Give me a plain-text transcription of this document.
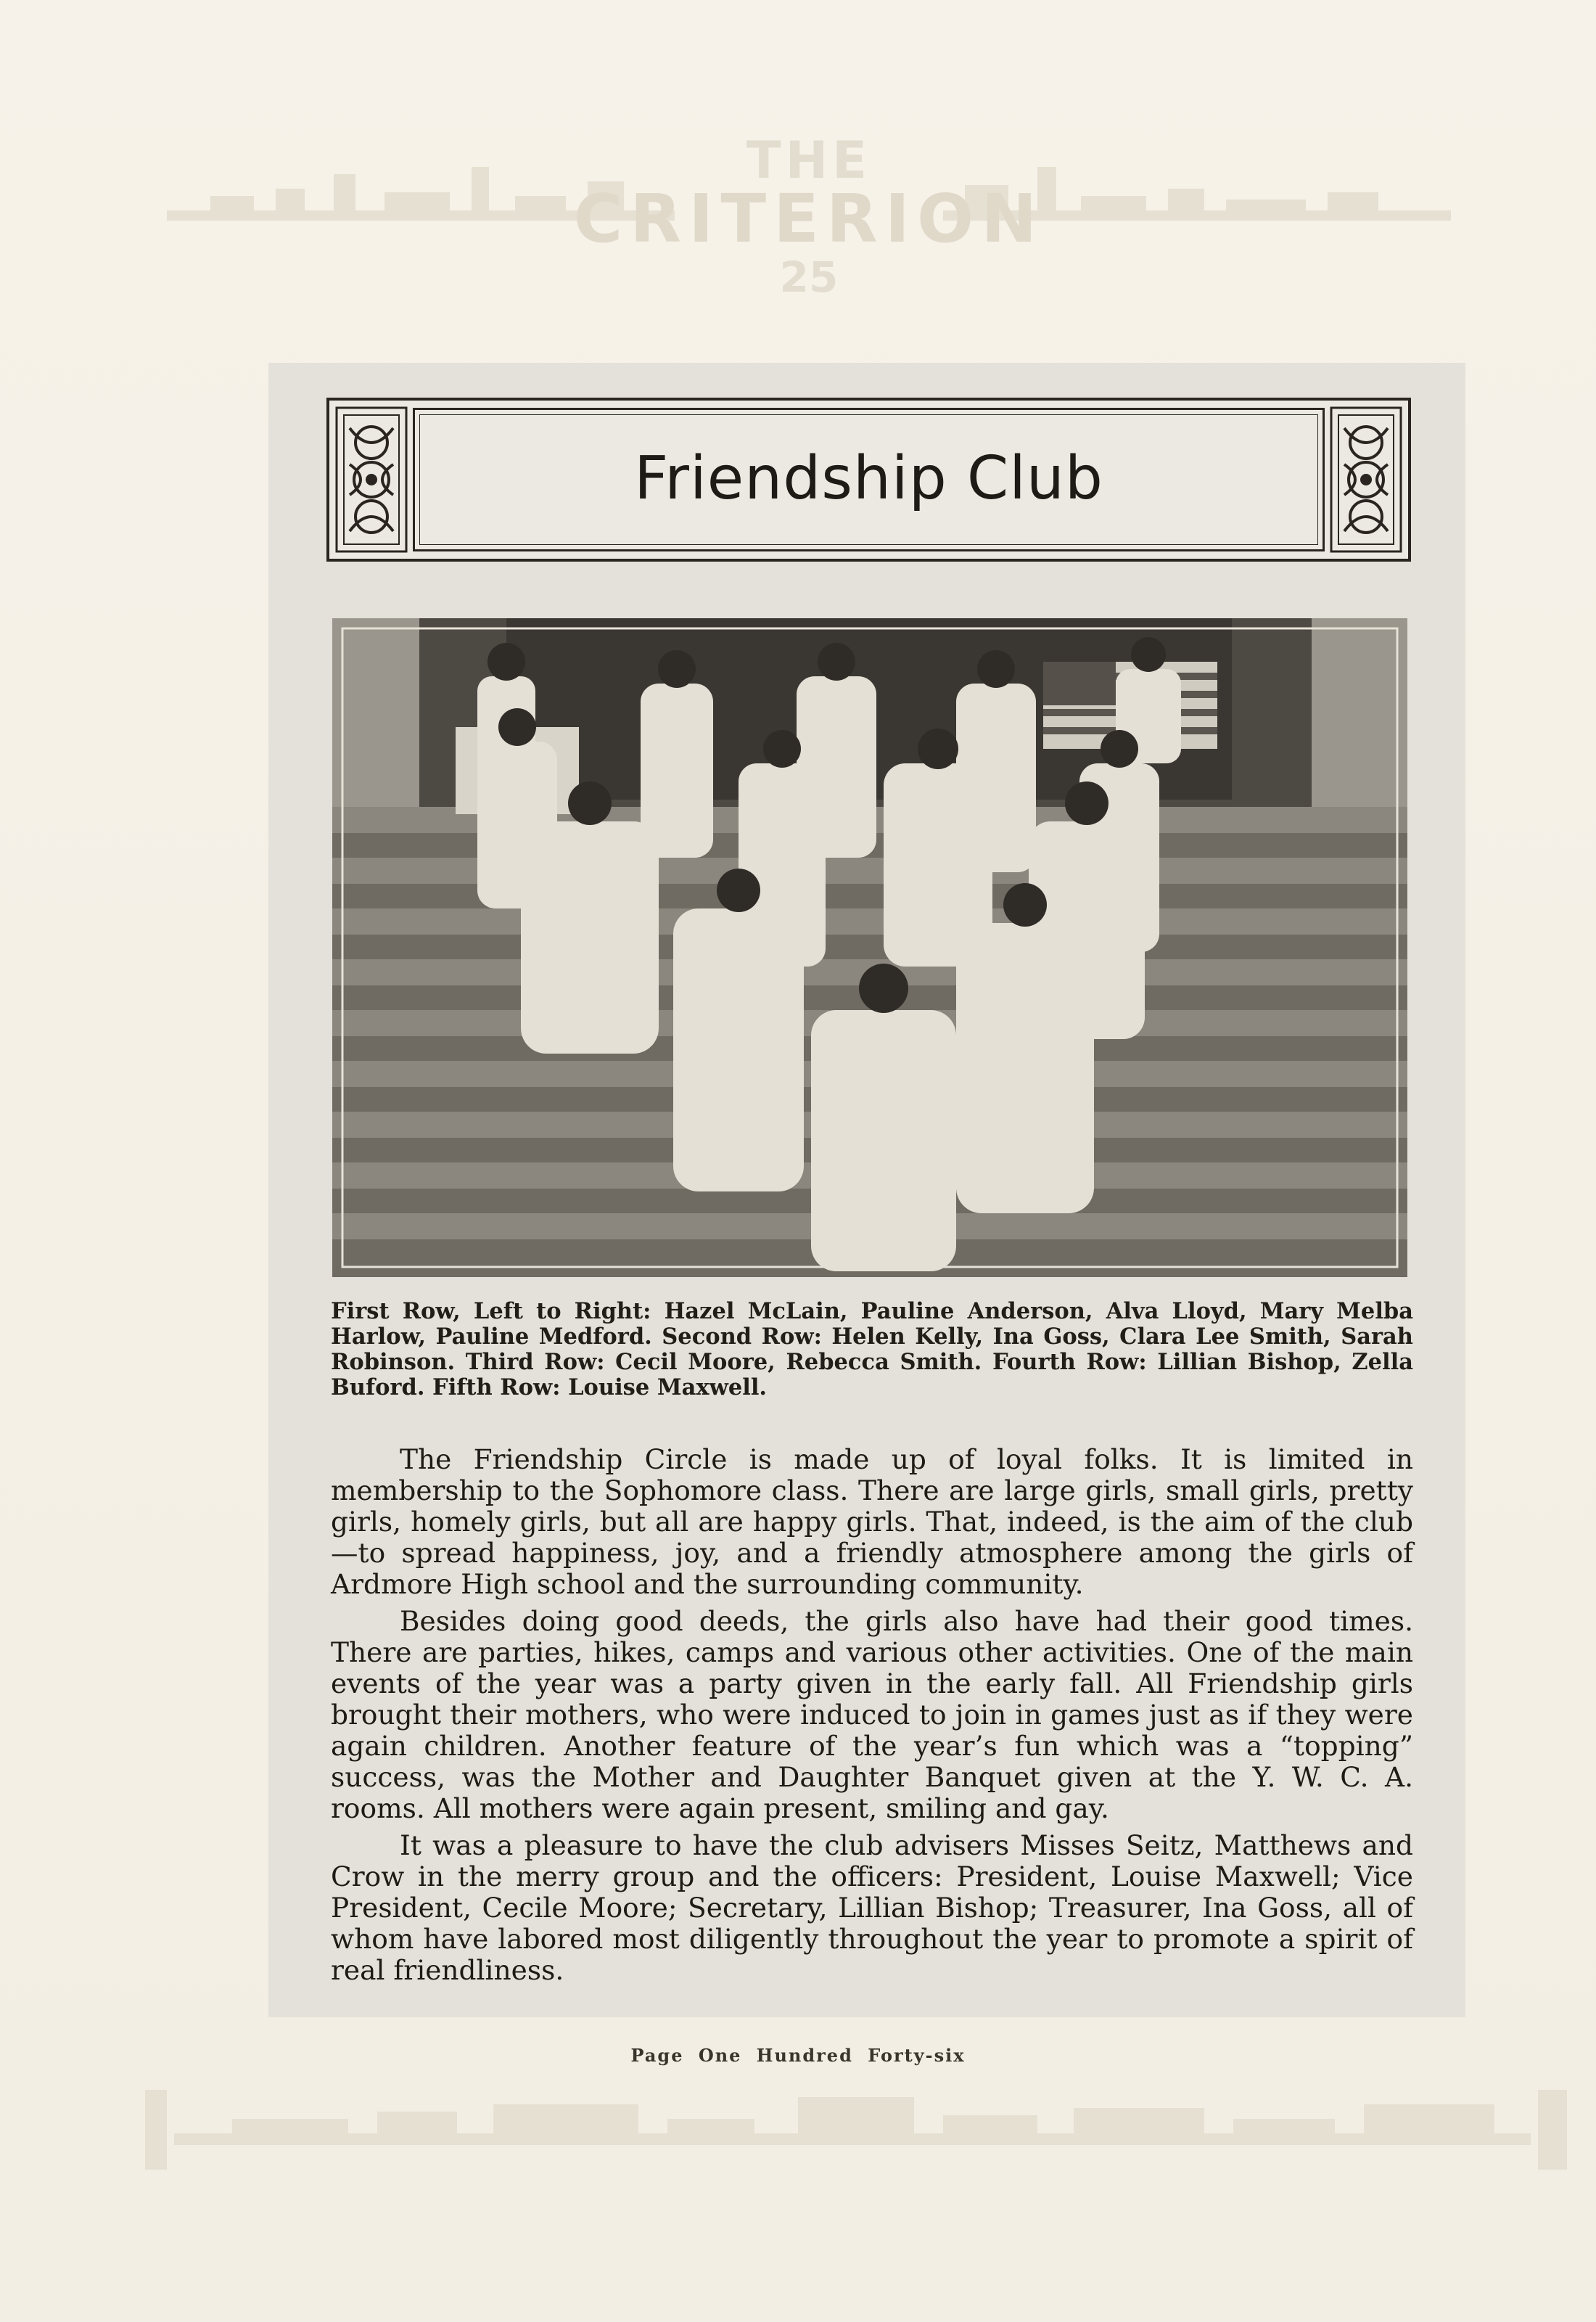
THE
CRITERION
25
Friendship Club

First Row, Left to Right: Hazel McLain, Pauline Anderson, Alva Lloyd, Mary Melba Harlow, Pauline Medford. Second Row: Helen Kelly, Ina Goss, Clara Lee Smith, Sarah Robinson. Third Row: Cecil Moore, Rebecca Smith. Fourth Row: Lillian Bishop, Zella Buford. Fifth Row: Louise Maxwell.

The Friendship Circle is made up of loyal folks. It is limited in membership to the Sophomore class. There are large girls, small girls, pretty girls, homely girls, but all are happy girls. That, indeed, is the aim of the club—to spread happiness, joy, and a friendly atmosphere among the girls of Ardmore High school and the surrounding community.

Besides doing good deeds, the girls also have had their good times. There are parties, hikes, camps and various other activities. One of the main events of the year was a party given in the early fall. All Friendship girls brought their mothers, who were induced to join in games just as if they were again children. Another feature of the year’s fun which was a “topping” success, was the Mother and Daughter Banquet given at the Y. W. C. A. rooms. All mothers were again present, smiling and gay.

It was a pleasure to have the club advisers Misses Seitz, Matthews and Crow in the merry group and the officers: President, Louise Maxwell; Vice President, Cecile Moore; Secretary, Lillian Bishop; Treasurer, Ina Goss, all of whom have labored most diligently throughout the year to promote a spirit of real friendliness.

Page One Hundred Forty-six
